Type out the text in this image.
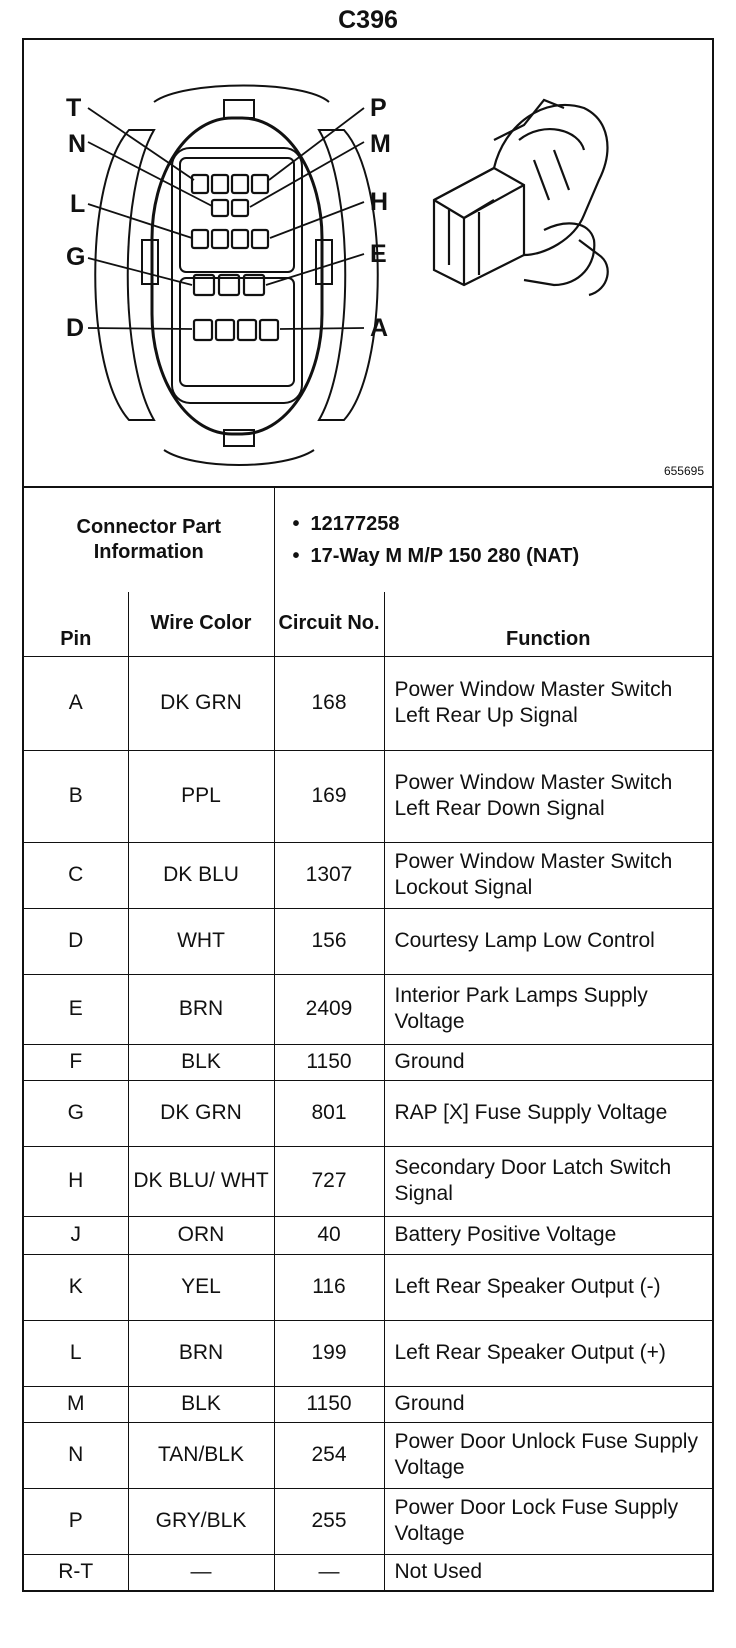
C396
T
N
L
G
D
P
M
H
E
A
655695
Connector Part Information	
• 12177258
• 17-Way M M/P 150 280 (NAT)
Pin	Wire Color	Circuit No.	Function
A	DK GRN	168	Power Window Master Switch Left Rear Up Signal
B	PPL	169	Power Window Master Switch Left Rear Down Signal
C	DK BLU	1307	Power Window Master Switch Lockout Signal
D	WHT	156	Courtesy Lamp Low Control
E	BRN	2409	Interior Park Lamps Supply Voltage
F	BLK	1150	Ground
G	DK GRN	801	RAP [X] Fuse Supply Voltage
H	DK BLU/ WHT	727	Secondary Door Latch Switch Signal
J	ORN	40	Battery Positive Voltage
K	YEL	116	Left Rear Speaker Output (-)
L	BRN	199	Left Rear Speaker Output (+)
M	BLK	1150	Ground
N	TAN/BLK	254	Power Door Unlock Fuse Supply Voltage
P	GRY/BLK	255	Power Door Lock Fuse Supply Voltage
R-T	—	—	Not Used
